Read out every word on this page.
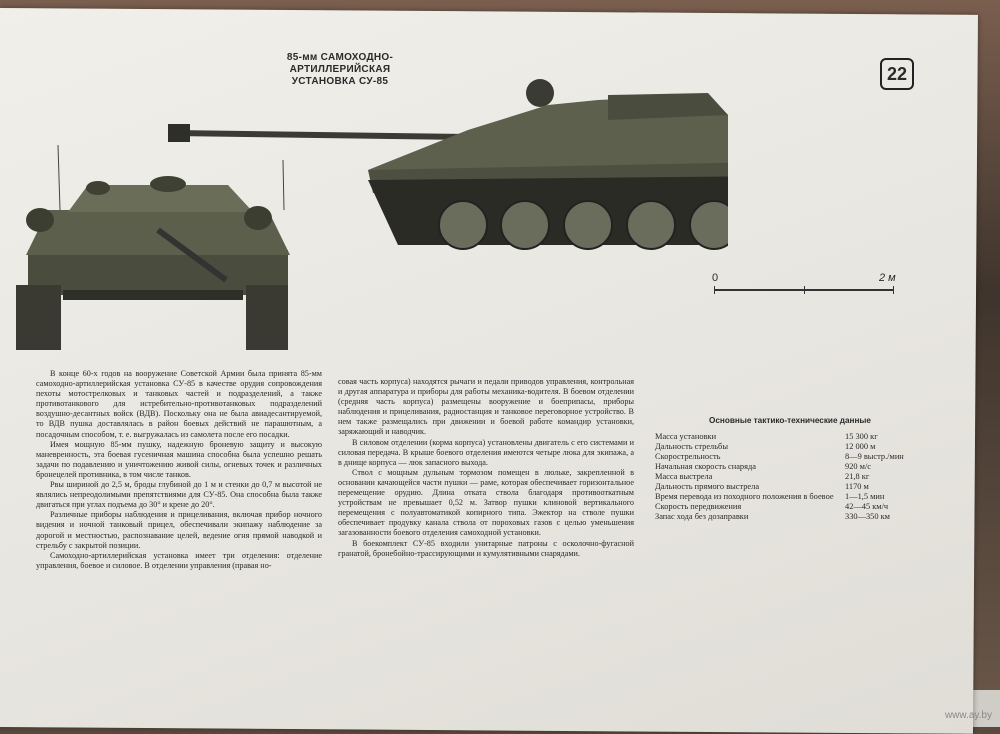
85-мм САМОХОДНО-АРТИЛЛЕРИЙСКАЯ
УСТАНОВКА СУ-85	22
0	2 м

В конце 60-х годов на вооружение Советской Армии была принята 85-мм самоходно-артиллерийская установка СУ-85 в качестве орудия сопровождения пехоты мотострелковых и танковых частей и подразделений, а также противотанкового для истребительно-противотанковых подразделений воздушно-десантных войск (ВДВ). Поскольку она не была авиадесантируемой, то ВДВ пушка доставлялась в район боевых действий не парашютным, а посадочным способом, т. е. выгружалась из самолета после его посадки.

Имея мощную 85-мм пушку, надежную броневую защиту и высокую маневренность, эта боевая гусеничная машина способна была успешно решать задачи по подавлению и уничтожению живой силы, огневых точек и различных бронецелей противника, в том числе танков.

Рвы шириной до 2,5 м, броды глубиной до 1 м и стенки до 0,7 м высотой не являлись непреодолимыми препятствиями для СУ-85. Она способна была также двигаться при углах подъема до 30° и крене до 20°.

Различные приборы наблюдения и прицеливания, включая прибор ночного видения и ночной танковый прицел, обеспечивали экипажу наблюдение за дорогой и местностью, распознавание целей, ведение огня прямой наводкой и стрельбу с закрытой позиции.

Самоходно-артиллерийская установка имеет три отделения: отделение управления, боевое и силовое. В отделении управления (правая но-

совая часть корпуса) находятся рычаги и педали приводов управления, контрольная и другая аппаратура и приборы для работы механика-водителя. В боевом отделении (средняя часть корпуса) размещены вооружение и боеприпасы, приборы наблюдения и прицеливания, радиостанция и танковое переговорное устройство. В нем также размещались при движении и боевой работе командир установки, заряжающий и наводчик.

В силовом отделении (корма корпуса) установлены двигатель с его системами и силовая передача. В крыше боевого отделения имеются четыре люка для экипажа, а в днище корпуса — люк запасного выхода.

Ствол с мощным дульным тормозом помещен в люльке, закрепленной в основании качающейся части пушки — раме, которая обеспечивает горизонтальное перемещение орудию. Длина отката ствола благодаря противооткатным устройствам не превышает 0,52 м. Затвор пушки клиновой вертикального перемещения с полуавтоматикой копирного типа. Эжектор на стволе пушки обеспечивает продувку канала ствола от пороховых газов с целью уменьшения загазованности боевого отделения самоходной установки.

В боекомплект СУ-85 входили унитарные патроны с осколочно-фугасной гранатой, бронебойно-трассирующими и кумулятивными снарядами.

Основные тактико-технические данные
Масса установки	15 300 кг
Дальность стрельбы	12 000 м
Скорострельность	8—9 выстр./мин
Начальная скорость снаряда	920 м/с
Масса выстрела	21,8 кг
Дальность прямого выстрела	1170 м
Время перевода из походного положения в боевое	1—1,5 мин
Скорость передвижения	42—45 км/ч
Запас хода без дозаправки	330—350 км
www.ay.by
